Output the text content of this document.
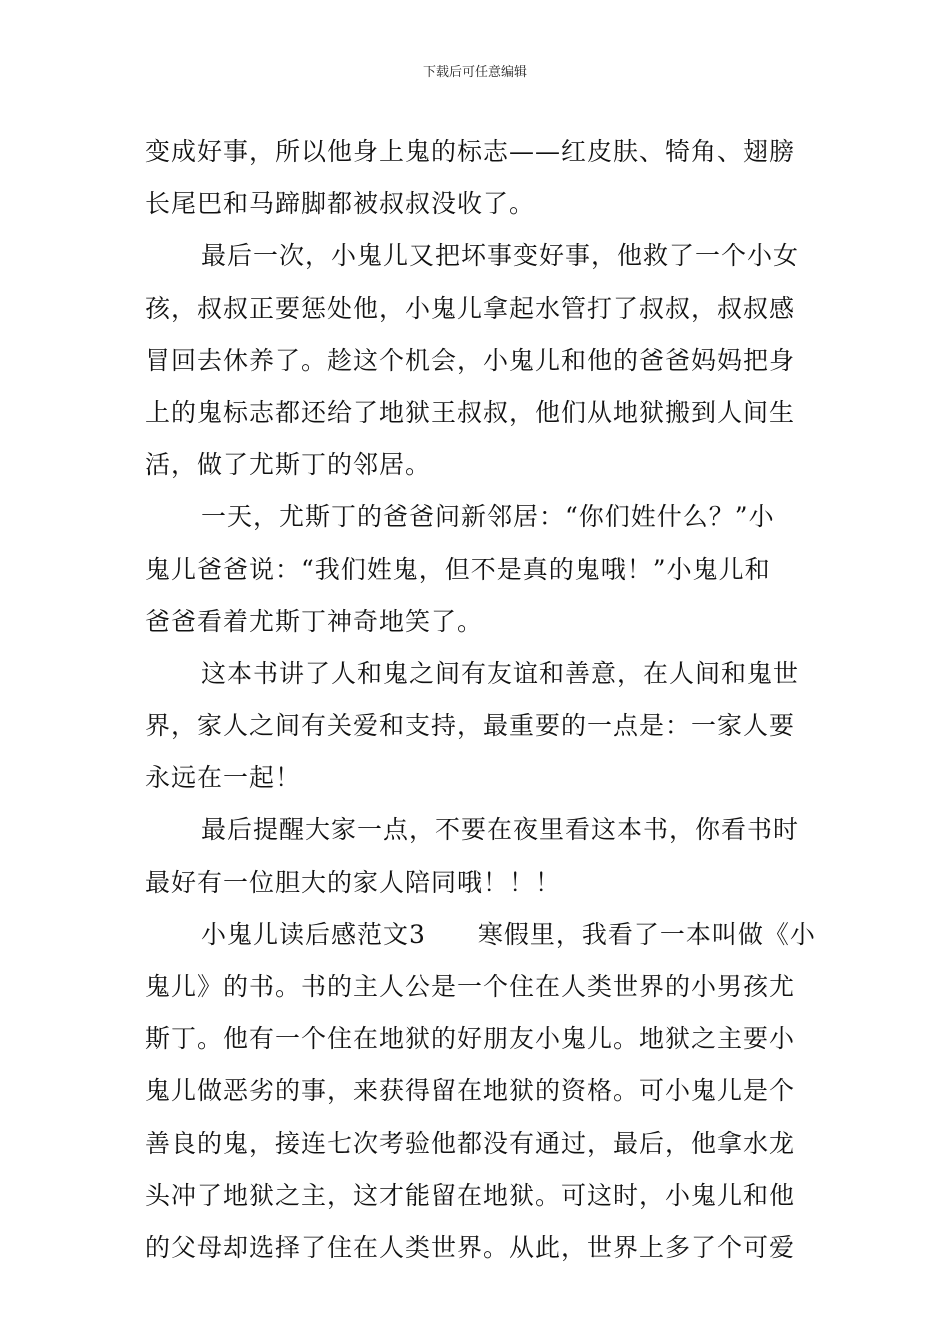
下载后可任意编辑
变成好事，所以他身上鬼的标志——红皮肤、犄角、翅膀
长尾巴和马蹄脚都被叔叔没收了。
最后一次，小鬼儿又把坏事变好事，他救了一个小女
孩，叔叔正要惩处他，小鬼儿拿起水管打了叔叔，叔叔感
冒回去休养了。趁这个机会，小鬼儿和他的爸爸妈妈把身
上的鬼标志都还给了地狱王叔叔，他们从地狱搬到人间生
活，做了尤斯丁的邻居。
一天，尤斯丁的爸爸问新邻居：“你们姓什么？”小
鬼儿爸爸说：“我们姓鬼，但不是真的鬼哦！”小鬼儿和
爸爸看着尤斯丁神奇地笑了。
这本书讲了人和鬼之间有友谊和善意，在人间和鬼世
界，家人之间有关爱和支持，最重要的一点是：一家人要
永远在一起！
最后提醒大家一点，不要在夜里看这本书，你看书时
最好有一位胆大的家人陪同哦！！！
小鬼儿读后感范文3　　寒假里，我看了一本叫做《小
鬼儿》的书。书的主人公是一个住在人类世界的小男孩尤
斯丁。他有一个住在地狱的好朋友小鬼儿。地狱之主要小
鬼儿做恶劣的事，来获得留在地狱的资格。可小鬼儿是个
善良的鬼，接连七次考验他都没有通过，最后，他拿水龙
头冲了地狱之主，这才能留在地狱。可这时，小鬼儿和他
的父母却选择了住在人类世界。从此，世界上多了个可爱
